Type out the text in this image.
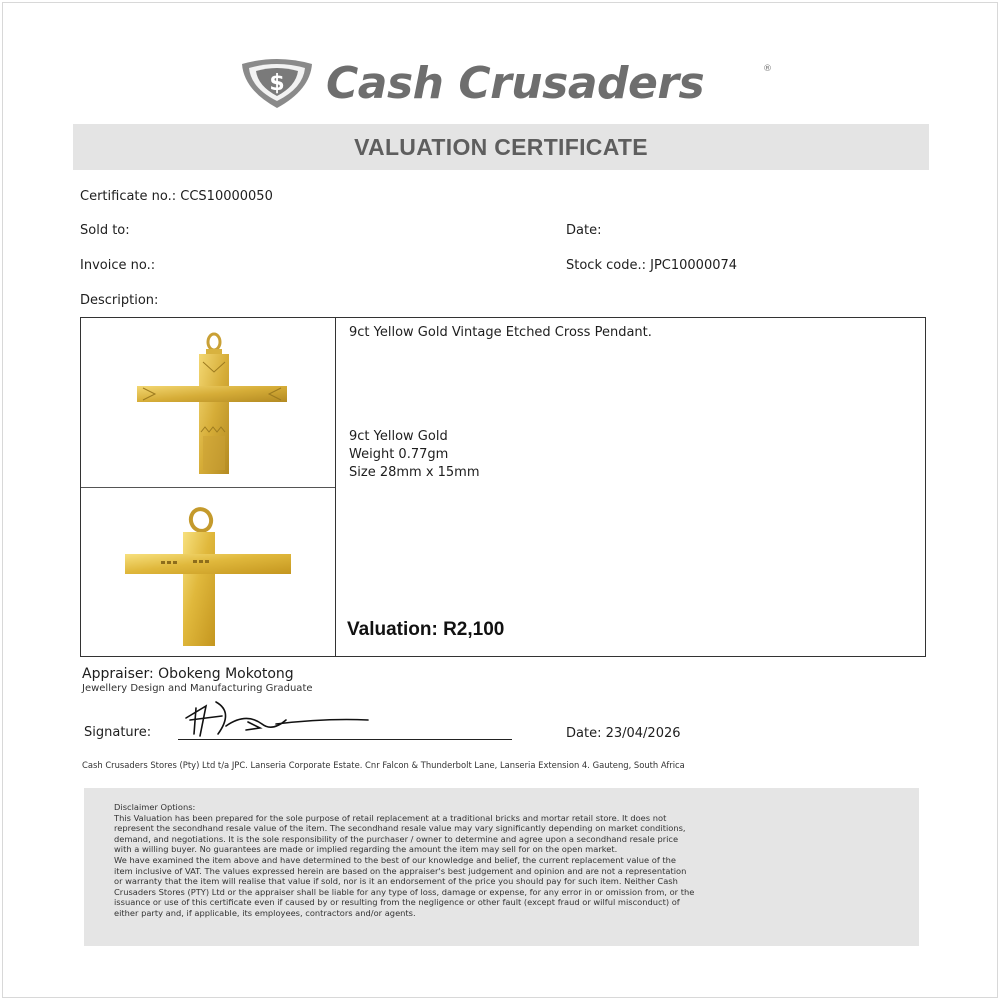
$ Cash Crusaders	®
VALUATION CERTIFICATE
Certificate no.: CCS10000050
Sold to:	Date:
Invoice no.:	Stock code.: JPC10000074
Description:
9ct Yellow Gold Vintage Etched Cross Pendant.
9ct Yellow Gold
Weight 0.77gm
Size 28mm x 15mm
Valuation: R2,100
Appraiser: Obokeng Mokotong
Jewellery Design and Manufacturing Graduate
Signature:	Date: 23/04/2026
Cash Crusaders Stores (Pty) Ltd t/a JPC. Lanseria Corporate Estate. Cnr Falcon & Thunderbolt Lane, Lanseria Extension 4. Gauteng, South Africa

Disclaimer Options:

This Valuation has been prepared for the sole purpose of retail replacement at a traditional bricks and mortar retail store. It does not

represent the secondhand resale value of the item. The secondhand resale value may vary significantly depending on market conditions,

demand, and negotiations. It is the sole responsibility of the purchaser / owner to determine and agree upon a secondhand resale price

with a willing buyer. No guarantees are made or implied regarding the amount the item may sell for on the open market.

We have examined the item above and have determined to the best of our knowledge and belief, the current replacement value of the

item inclusive of VAT. The values expressed herein are based on the appraiser's best judgement and opinion and are not a representation

or warranty that the item will realise that value if sold, nor is it an endorsement of the price you should pay for such item. Neither Cash

Crusaders Stores (PTY) Ltd or the appraiser shall be liable for any type of loss, damage or expense, for any error in or omission from, or the

issuance or use of this certificate even if caused by or resulting from the negligence or other fault (except fraud or wilful misconduct) of

either party and, if applicable, its employees, contractors and/or agents.
